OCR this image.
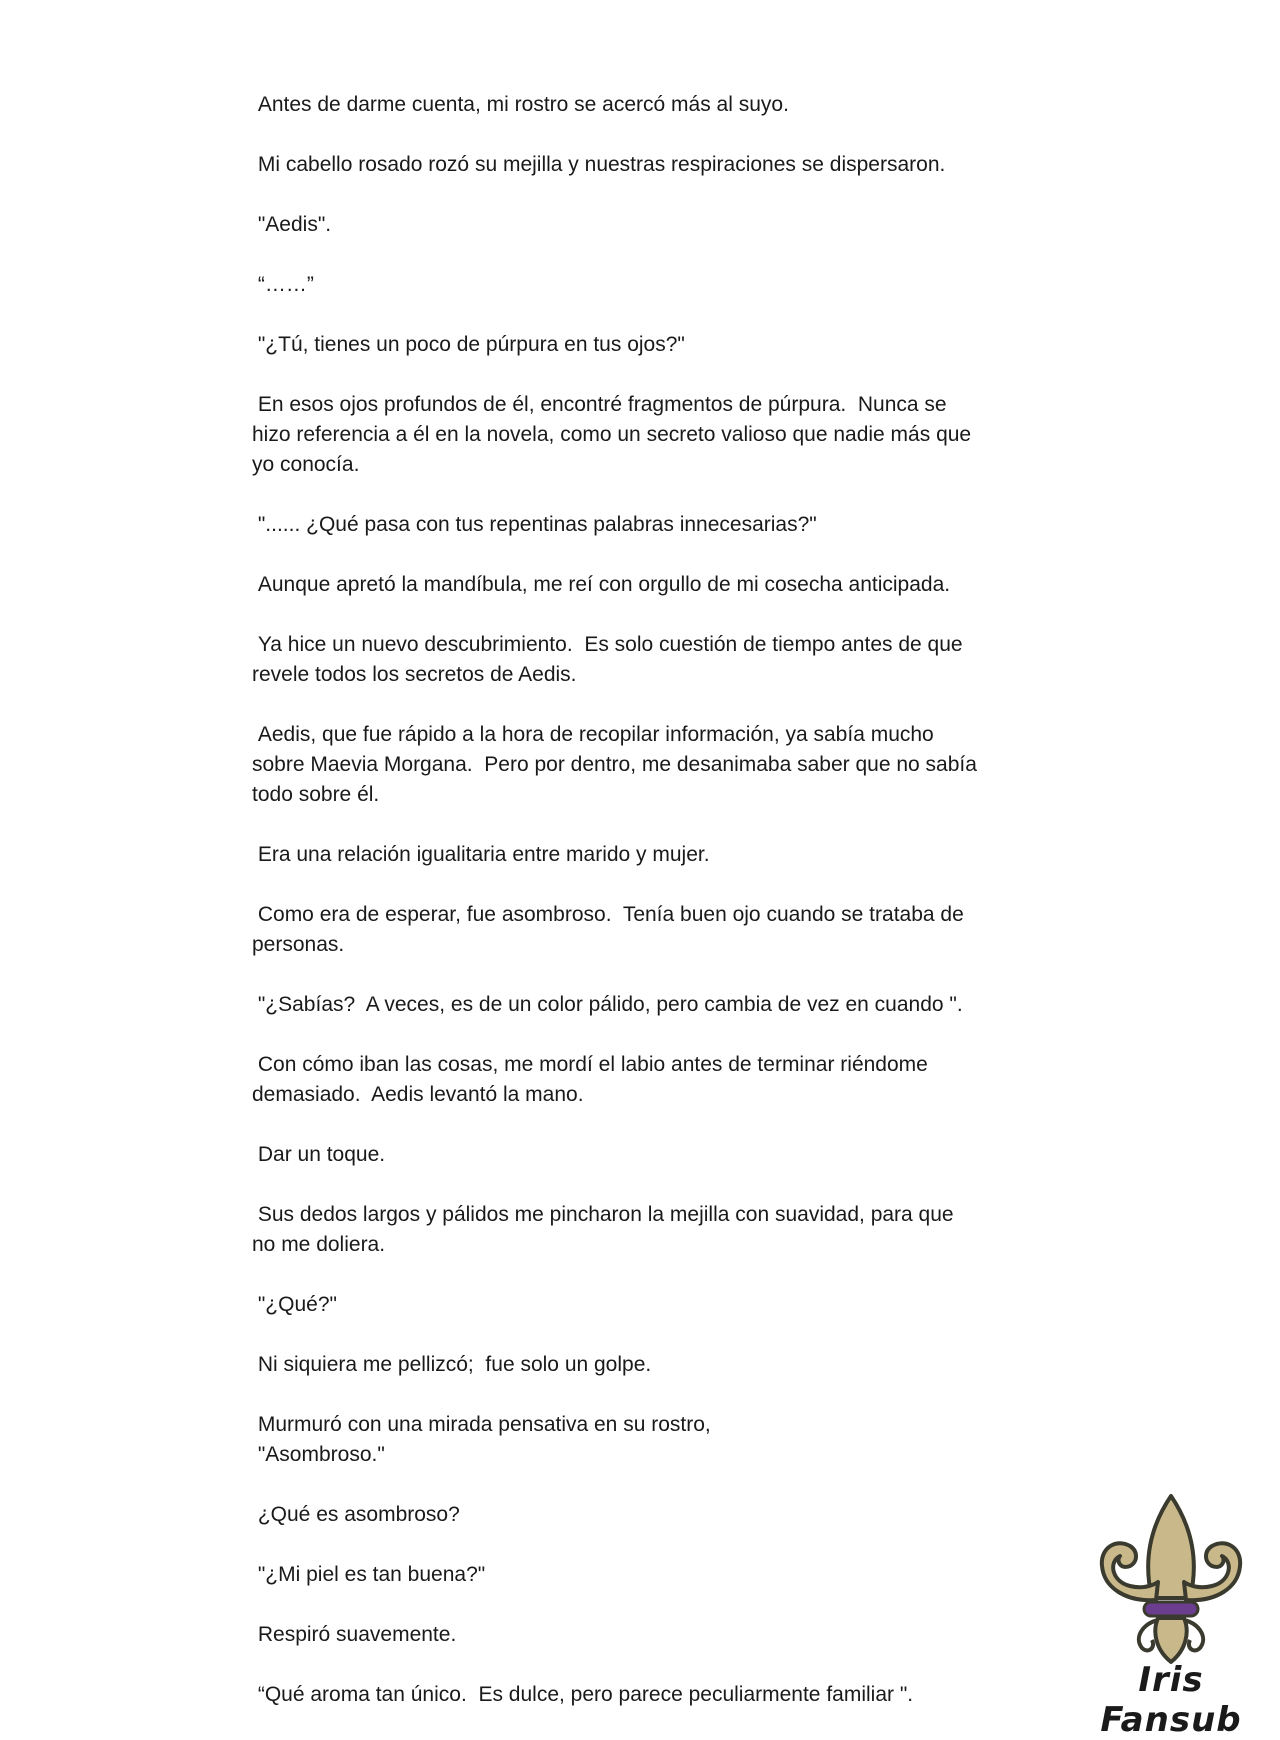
Antes de darme cuenta, mi rostro se acercó más al suyo.

Mi cabello rosado rozó su mejilla y nuestras respiraciones se dispersaron.

"Aedis".

“……”

"¿Tú, tienes un poco de púrpura en tus ojos?"

En esos ojos profundos de él, encontré fragmentos de púrpura.  Nunca se
hizo referencia a él en la novela, como un secreto valioso que nadie más que
yo conocía.

"...... ¿Qué pasa con tus repentinas palabras innecesarias?"

Aunque apretó la mandíbula, me reí con orgullo de mi cosecha anticipada.

Ya hice un nuevo descubrimiento.  Es solo cuestión de tiempo antes de que
revele todos los secretos de Aedis.

Aedis, que fue rápido a la hora de recopilar información, ya sabía mucho
sobre Maevia Morgana.  Pero por dentro, me desanimaba saber que no sabía
todo sobre él.

Era una relación igualitaria entre marido y mujer.

Como era de esperar, fue asombroso.  Tenía buen ojo cuando se trataba de
personas.

"¿Sabías?  A veces, es de un color pálido, pero cambia de vez en cuando ".

Con cómo iban las cosas, me mordí el labio antes de terminar riéndome
demasiado.  Aedis levantó la mano.

Dar un toque.

Sus dedos largos y pálidos me pincharon la mejilla con suavidad, para que
no me doliera.

"¿Qué?"

Ni siquiera me pellizcó;  fue solo un golpe.

Murmuró con una mirada pensativa en su rostro,
"Asombroso."

¿Qué es asombroso?

"¿Mi piel es tan buena?"

Respiró suavemente.

“Qué aroma tan único.  Es dulce, pero parece peculiarmente familiar ".	Iris Fansub
